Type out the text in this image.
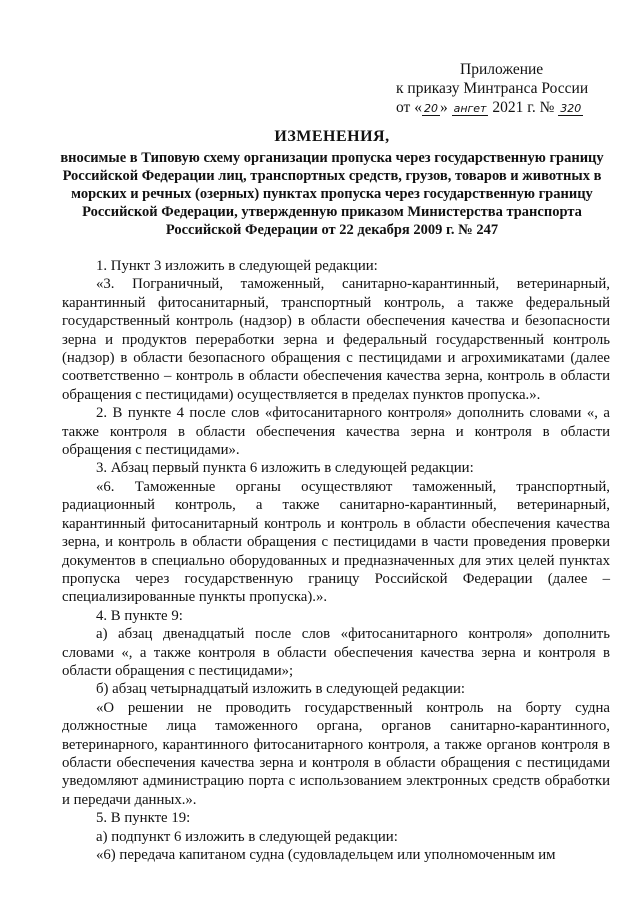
Приложение
к приказу Минтранса России
от « 20 » ангет 2021 г. № 320
ИЗМЕНЕНИЯ,
вносимые в Типовую схему организации пропуска через государственную границу Российской Федерации лиц, транспортных средств, грузов, товаров и животных в морских и речных (озерных) пунктах пропуска через государственную границу Российской Федерации, утвержденную приказом Министерства транспорта Российской Федерации от 22 декабря 2009 г. № 247

1. Пункт 3 изложить в следующей редакции:

«3. Пограничный, таможенный, санитарно-карантинный, ветеринарный, карантинный фитосанитарный, транспортный контроль, а также федеральный государственный контроль (надзор) в области обеспечения качества и безопасности зерна и продуктов переработки зерна и федеральный государственный контроль (надзор) в области безопасного обращения с пестицидами и агрохимикатами (далее соответственно – контроль в области обеспечения качества зерна, контроль в области обращения с пестицидами) осуществляется в пределах пунктов пропуска.».

2. В пункте 4 после слов «фитосанитарного контроля» дополнить словами «, а также контроля в области обеспечения качества зерна и контроля в области обращения с пестицидами».

3. Абзац первый пункта 6 изложить в следующей редакции:

«6. Таможенные органы осуществляют таможенный, транспортный, радиационный контроль, а также санитарно-карантинный, ветеринарный, карантинный фитосанитарный контроль и контроль в области обеспечения качества зерна, и контроль в области обращения с пестицидами в части проведения проверки документов в специально оборудованных и предназначенных для этих целей пунктах пропуска через государственную границу Российской Федерации (далее – специализированные пункты пропуска).».

4. В пункте 9:

а) абзац двенадцатый после слов «фитосанитарного контроля» дополнить словами «, а также контроля в области обеспечения качества зерна и контроля в области обращения с пестицидами»;

б) абзац четырнадцатый изложить в следующей редакции:

«О решении не проводить государственный контроль на борту судна должностные лица таможенного органа, органов санитарно-карантинного, ветеринарного, карантинного фитосанитарного контроля, а также органов контроля в области обеспечения качества зерна и контроля в области обращения с пестицидами уведомляют администрацию порта с использованием электронных средств обработки и передачи данных.».

5. В пункте 19:

а) подпункт 6 изложить в следующей редакции:

«6) передача капитаном судна (судовладельцем или уполномоченным им
